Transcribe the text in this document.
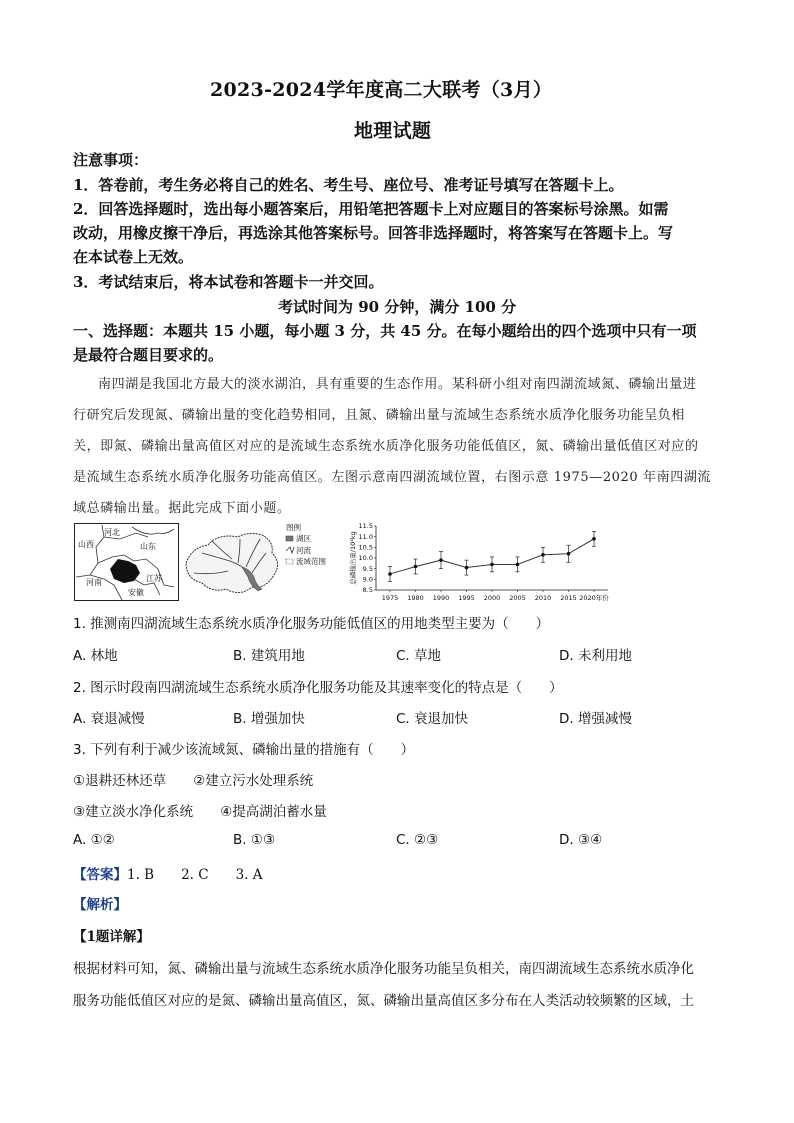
2023-2024学年度高二大联考（3月）
地理试题
注意事项：
1．答卷前，考生务必将自己的姓名、考生号、座位号、准考证号填写在答题卡上。
2．回答选择题时，选出每小题答案后，用铅笔把答题卡上对应题目的答案标号涂黑。如需
改动，用橡皮擦干净后，再选涂其他答案标号。回答非选择题时，将答案写在答题卡上。写
在本试卷上无效。
3．考试结束后，将本试卷和答题卡一并交回。
考试时间为 90 分钟，满分 100 分
一、选择题：本题共 15 小题，每小题 3 分，共 45 分。在每小题给出的四个选项中只有一项
是最符合题目要求的。
南四湖是我国北方最大的淡水湖泊，具有重要的生态作用。某科研小组对南四湖流域氮、磷输出量进
行研究后发现氮、磷输出量的变化趋势相同，且氮、磷输出量与流域生态系统水质净化服务功能呈负相
关，即氮、磷输出量高值区对应的是流域生态系统水质净化服务功能低值区，氮、磷输出量低值区对应的
是流域生态系统水质净化服务功能高值区。左图示意南四湖流域位置，右图示意 1975—2020 年南四湖流
域总磷输出量。据此完成下面小题。
河北
山西	山东
河南	江苏
安徽
图例
湖区
河流
流域范围
8.5
9.0
9.5
10.0
10.5
11.0
11.5
总磷输出量/10⁴kg
1975 1980 1990 1995 2000 2005 2010 2015 2020年份
1. 推测南四湖流域生态系统水质净化服务功能低值区的用地类型主要为（　　）
A. 林地	B. 建筑用地	C. 草地	D. 未利用地
2. 图示时段南四湖流域生态系统水质净化服务功能及其速率变化的特点是（　　）
A. 衰退减慢	B. 增强加快	C. 衰退加快	D. 增强减慢
3. 下列有利于减少该流域氮、磷输出量的措施有（　　）
①退耕还林还草　　②建立污水处理系统
③建立淡水净化系统　　④提高湖泊蓄水量
A. ①②	B. ①③	C. ②③	D. ③④
【答案】1. B　　2. C　　3. A
【解析】
【1题详解】
根据材料可知，氮、磷输出量与流域生态系统水质净化服务功能呈负相关，南四湖流域生态系统水质净化
服务功能低值区对应的是氮、磷输出量高值区，氮、磷输出量高值区多分布在人类活动较频繁的区域，土
